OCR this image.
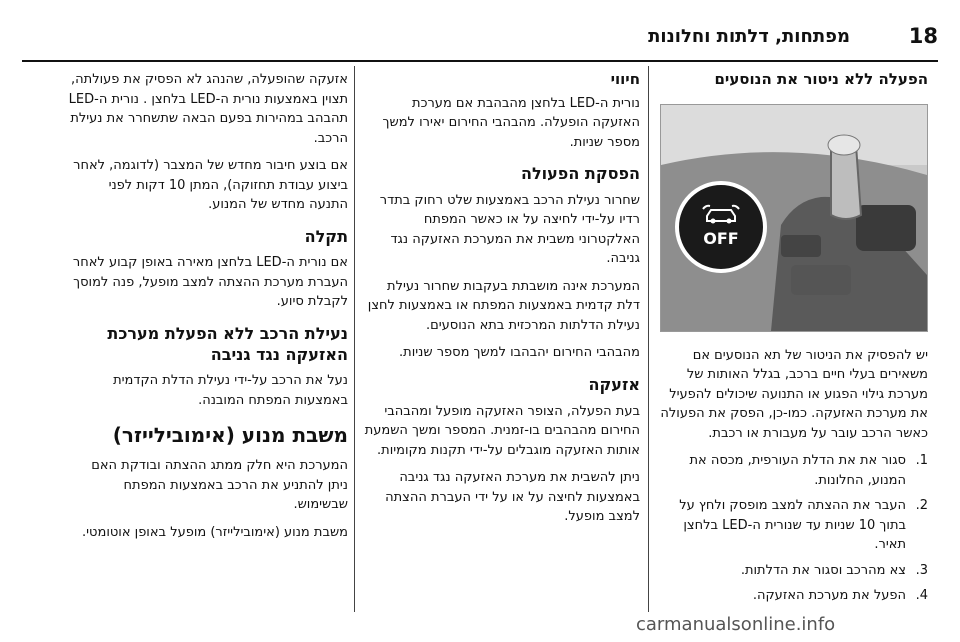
18
מפתחות, דלתות וחלונות
הפעלה ללא ניטור את הנוסעים
OFF
יש להפסיק את הניטור של תא הנוסעים אם משאירים בעלי חיים ברכב, בגלל האותות של מערכת גילוי הפגוע או התנועה שיכולים להפעיל את מערכת האזעקה. כמו-כן, הפסק את הפעולה כאשר הרכב עובר על מעבורת או רכבת.
1.
סגור את את הדלת העורפית, מכסה את המנוע, החלונות.
2.
העבר את ההצתה למצב מופסק ולחץ על בתוך 10 שניות עד שנורית ה-LED בלחצן תאיר.
3.
צא מהרכב וסגור את הדלתות.
4.
הפעל את מערכת האזעקה.
חיווי
נורית ה-LED בלחצן מהבהבת אם מערכת האזעקה הופעלה. מהבהבי החירום יאירו למשך מספר שניות.
הפסקת הפעולה
שחרור נעילת הרכב באמצעות שלט רחוק בתדר רדיו על-ידי לחיצה על או כאשר המפתח האלקטרוני משבית את המערכת האזעקה נגד גניבה.
המערכת אינה מושבתת בעקבות שחרור נעילת דלת קדמית באמצעות המפתח או באמצעות לחצן נעילת הדלתות המרכזית בתא הנוסעים.
מהבהבי החירום יהבהבו למשך מספר שניות.
אזעקה
בעת הפעלה, הצופר האזעקה מופעל ומהבהבי החירום מהבהבים בו-זמנית. המספר ומשך השמעת אותות האזעקה מוגבלים על-ידי תקנות מקומיות.
ניתן להשבית את מערכת האזעקה נגד גניבה באמצעות לחיצה על או על ידי העברת ההצתה למצב מופעל.
אזעקה שהופעלה, שהנהג לא הפסיק את פעולתה, תצוין באמצעות נורית ה-LED בלחצן . נורית ה-LED תהבהב במהירות בפעם הבאה שתשחרר את נעילת הרכב.
אם בוצע חיבור מחדש של המצבר (לדוגמה, לאחר ביצוע עבודת תחזוקה), המתן 10 דקות לפני התנעה מחדש של המנוע.
תקלה
אם נורית ה-LED בלחצן מאירה באופן קבוע לאחר העברת מערכת ההצתה למצב מופעל, פנה למוסך לקבלת סיוע.
נעילת הרכב ללא הפעלת מערכת האזעקה נגד גניבה
נעל את הרכב על-ידי נעילת הדלת הקדמית באמצעות המפתח המובנה.
משבת מנוע (אימובילייזר)
המערכת היא חלק ממתג ההצתה ובודקת האם ניתן להתניע את הרכב באמצעות המפתח שבשימוש.
משבת מנוע (אימובילייזר) מופעל באופן אוטומטי.
carmanualsonline.info
